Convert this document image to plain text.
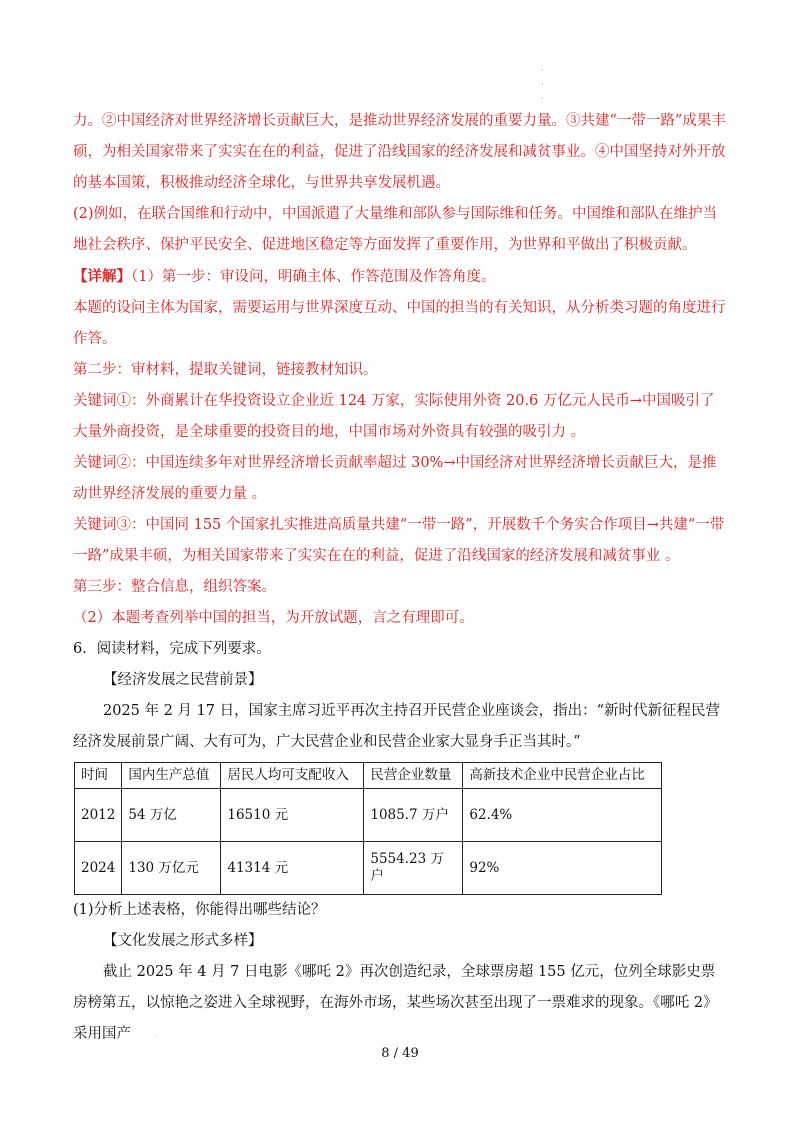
·
·
·

力。②中国经济对世界经济增长贡献巨大，是推动世界经济发展的重要力量。③共建“一带一路”成果丰硕，为相关国家带来了实实在在的利益，促进了沿线国家的经济发展和减贫事业。④中国坚持对外开放的基本国策，积极推动经济全球化，与世界共享发展机遇。

(2)例如，在联合国维和行动中，中国派遣了大量维和部队参与国际维和任务。中国维和部队在维护当地社会秩序、保护平民安全、促进地区稳定等方面发挥了重要作用，为世界和平做出了积极贡献。

【详解】（1）第一步：审设问，明确主体、作答范围及作答角度。

本题的设问主体为国家，需要运用与世界深度互动、中国的担当的有关知识，从分析类习题的角度进行作答。

第二步：审材料，提取关键词，链接教材知识。

关键词①：外商累计在华投资设立企业近 124 万家，实际使用外资 20.6 万亿元人民币→中国吸引了大量外商投资，是全球重要的投资目的地，中国市场对外资具有较强的吸引力 。

关键词②：中国连续多年对世界经济增长贡献率超过 30%→中国经济对世界经济增长贡献巨大，是推动世界经济发展的重要力量 。

关键词③：中国同 155 个国家扎实推进高质量共建“一带一路”，开展数千个务实合作项目→共建“一带一路”成果丰硕，为相关国家带来了实实在在的利益，促进了沿线国家的经济发展和减贫事业 。

第三步：整合信息，组织答案。

（2）本题考查列举中国的担当，为开放试题，言之有理即可。

6．阅读材料，完成下列要求。

【经济发展之民营前景】

2025 年 2 月 17 日，国家主席习近平再次主持召开民营企业座谈会，指出：“新时代新征程民营经济发展前景广阔、大有可为，广大民营企业和民营企业家大显身手正当其时。”

时间	国内生产总值	居民人均可支配收入	民营企业数量	高新技术企业中民营企业占比
2012	54 万亿	16510 元	1085.7 万户	62.4%
2024	130 万亿元	41314 元	5554.23 万户	92%

(1)分析上述表格，你能得出哪些结论？

【文化发展之形式多样】

截止 2025 年 4 月 7 日电影《哪吒 2》再次创造纪录，全球票房超 155 亿元，位列全球影史票房榜第五，以惊艳之姿进入全球视野，在海外市场，某些场次甚至出现了一票难求的现象。《哪吒 2》采用国产	·
8 / 49
